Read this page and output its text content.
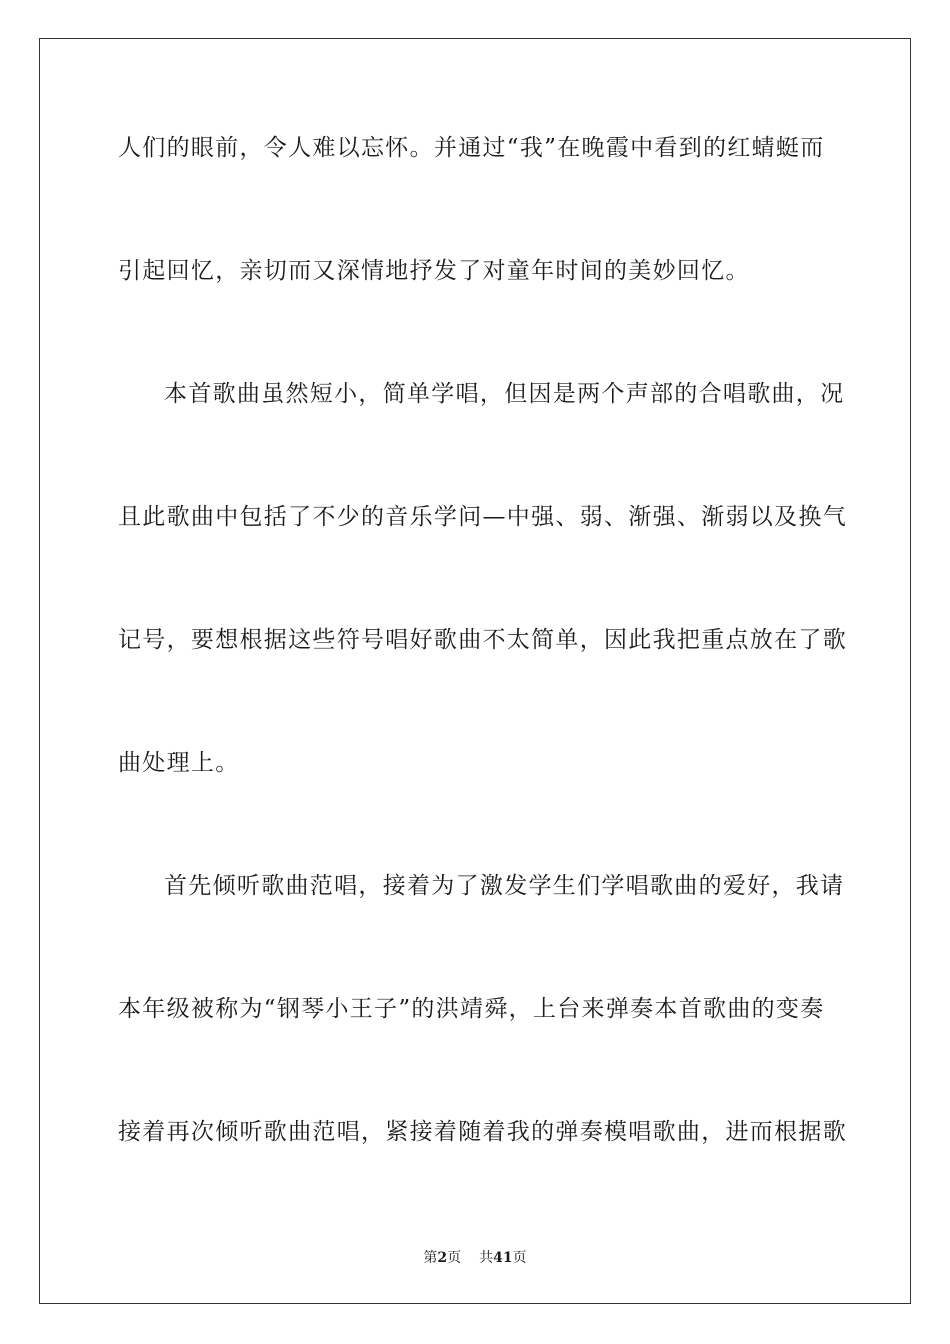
人们的眼前，令人难以忘怀。并通过“我”在晚霞中看到的红蜻蜓而
引起回忆，亲切而又深情地抒发了对童年时间的美妙回忆。
本首歌曲虽然短小，简单学唱，但因是两个声部的合唱歌曲，况
且此歌曲中包括了不少的音乐学问—中强、弱、渐强、渐弱以及换气
记号，要想根据这些符号唱好歌曲不太简单，因此我把重点放在了歌
曲处理上。
首先倾听歌曲范唱，接着为了激发学生们学唱歌曲的爱好，我请
本年级被称为“钢琴小王子”的洪靖舜，上台来弹奏本首歌曲的变奏
接着再次倾听歌曲范唱，紧接着随着我的弹奏模唱歌曲，进而根据歌
第2页 共41页
